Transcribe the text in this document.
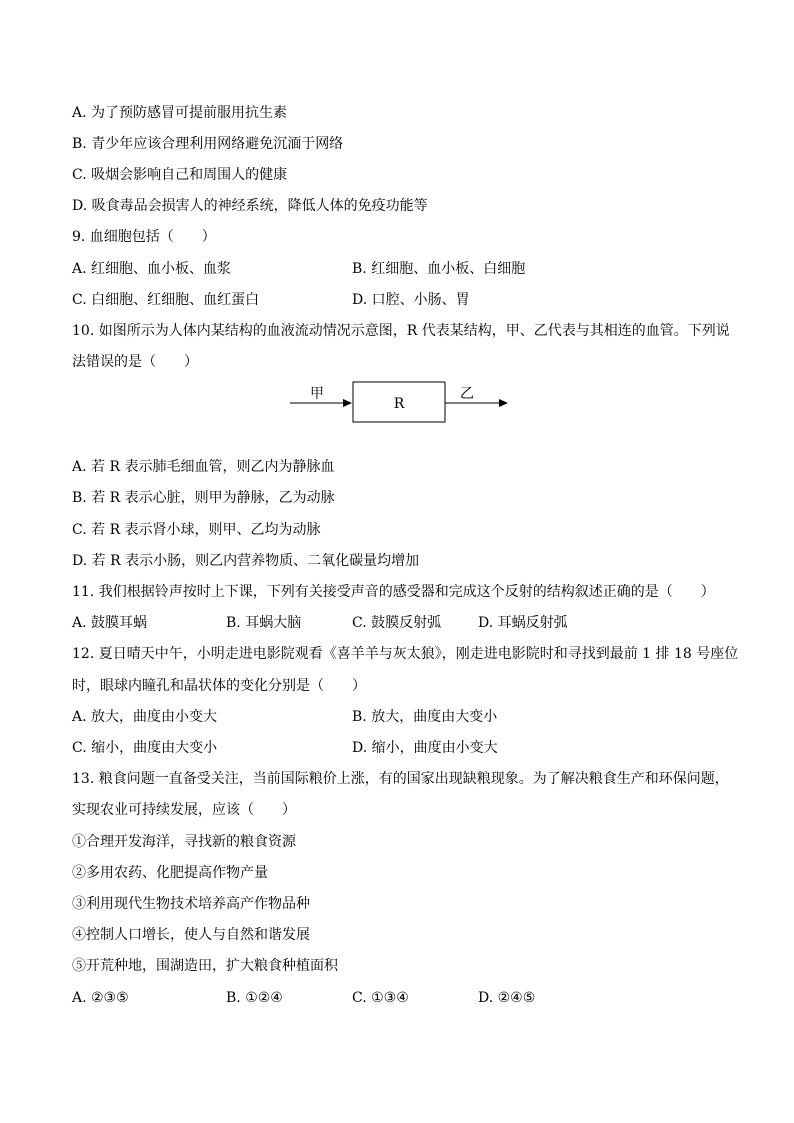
A. 为了预防感冒可提前服用抗生素
B. 青少年应该合理利用网络避免沉湎于网络
C. 吸烟会影响自己和周围人的健康
D. 吸食毒品会损害人的神经系统，降低人体的免疫功能等
9. 血细胞包括（　　）
A. 红细胞、血小板、血浆	B. 红细胞、血小板、白细胞
C. 白细胞、红细胞、血红蛋白	D. 口腔、小肠、胃
10. 如图所示为人体内某结构的血液流动情况示意图，R 代表某结构，甲、乙代表与其相连的血管。下列说
法错误的是（　　）
甲
R
乙
A. 若 R 表示肺毛细血管，则乙内为静脉血
B. 若 R 表示心脏，则甲为静脉，乙为动脉
C. 若 R 表示肾小球，则甲、乙均为动脉
D. 若 R 表示小肠，则乙内营养物质、二氧化碳量均增加
11. 我们根据铃声按时上下课，下列有关接受声音的感受器和完成这个反射的结构叙述正确的是（　　）
A. 鼓膜耳蜗	B. 耳蜗大脑	C. 鼓膜反射弧	D. 耳蜗反射弧
12. 夏日晴天中午，小明走进电影院观看《喜羊羊与灰太狼》，刚走进电影院时和寻找到最前 1 排 18 号座位
时，眼球内瞳孔和晶状体的变化分别是（　　）
A. 放大，曲度由小变大	B. 放大，曲度由大变小
C. 缩小，曲度由大变小	D. 缩小，曲度由小变大
13. 粮食问题一直备受关注，当前国际粮价上涨，有的国家出现缺粮现象。为了解决粮食生产和环保问题，
实现农业可持续发展，应该（　　）
①合理开发海洋，寻找新的粮食资源
②多用农药、化肥提高作物产量
③利用现代生物技术培养高产作物品种
④控制人口增长，使人与自然和谐发展
⑤开荒种地，围湖造田，扩大粮食种植面积
A. ②③⑤	B. ①②④	C. ①③④	D. ②④⑤
